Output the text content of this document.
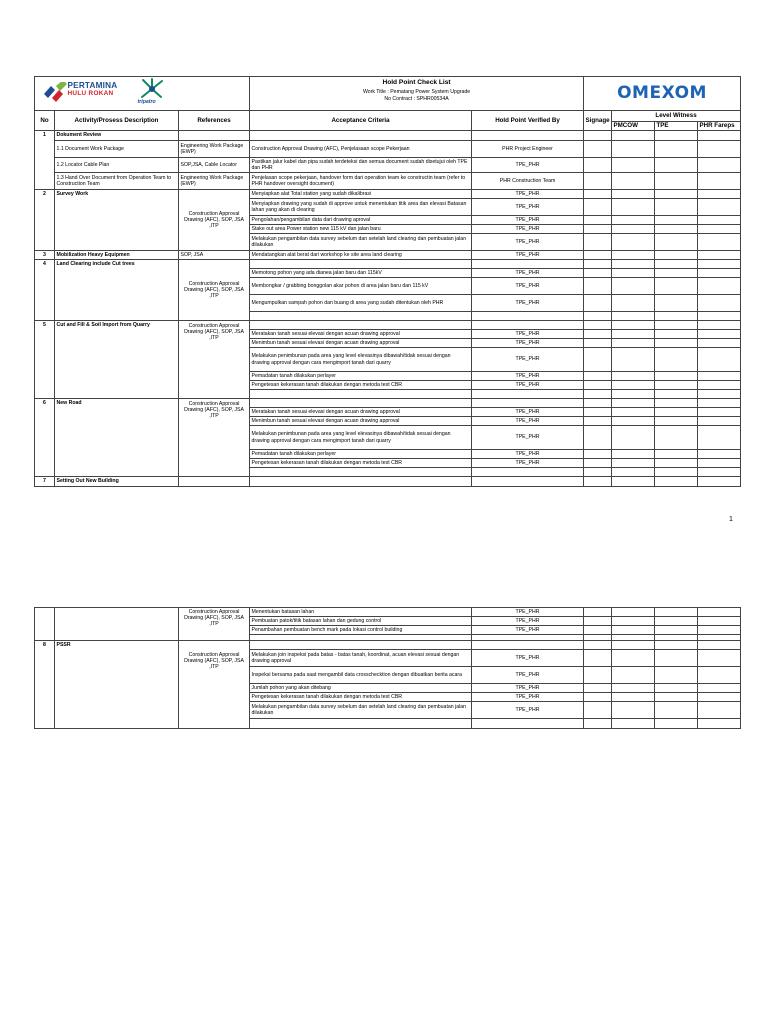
PERTAMINA
HULU ROKAN
tripatro			Hold Point Check List
Work Title : Pematang Power System Upgrade
No Contract : SPHR00534A		OMEXOM			

No	Activity/Prosess Description	References	Acceptance Criteria	Hold Point Verified By	Signage	Level Witness		
						PMCOW	TPE	PHR Fareps
1	Dokument Review							
	1.1 Document Work Package	Engineering Work Package (EWP)	Construction Approval Drawing (AFC), Penjelasaan scope Pekerjaan	PHR Project Engineer				
	1.2 Locator Cable Plan	SOP,JSA, Cable Locator	Pastikan jalur kabel dan pipa sudah terdeteksi dan semua document sudah disetujui oleh TPE dan PHR	TPE_PHR				
	1.3 Hand Over Document from Operation Team to Construction Team	Engineering Work Package (EWP)	Penjelasan scope pekerjaan, handover form dari operation team ke constructin team (refer to PHR handover oversight document)	PHR Construction Team				
2	Survey Work	Construction Approval Drawing (AFC), SOP, JSA ,ITP	Menyiapkan alat Total station yang sudah dikalibrasi	TPE_PHR				
			Menyiapkan drawing yang sudah di approve untuk menentukan titik area dan elevasi Batasan lahan yang akan di clearing	TPE_PHR				
			Pengolahan/pengambilan data dari drawing aproval	TPE_PHR				
			Stake out area Power station new 115 kV dan jalan baru	TPE_PHR				
			Melakukan pengambilan data survey sebelum dan setelah land clearing dan pembuatan jalan dilakukan	TPE_PHR				
3	Mobilization Heavy Equipmen	SOP, JSA	Mendatangkan alat berat dari workshop ke site area land clearing	TPE_PHR				
4	Land Clearing include Cut trees	Construction Approval Drawing (AFC), SOP, JSA ,ITP						
			Memotong pohon yang ada dianea jalan baru dan 115kV	TPE_PHR				
			Membongkar / grabbing bonggolan akar pohon di area jalan baru dan 115 kV	TPE_PHR				
			Mengumpulkan sampah pohon dan buang di area yang sudah ditentukan oleh PHR	TPE_PHR				

5	Cut and Fill & Soil Import from Quarry	Construction Approval Drawing (AFC), SOP, JSA ,ITP						
			Meratakan tanah sesuai elevasi dengan acuan drawing approval	TPE_PHR				
			Menimbun tanah sesuai elevasi dengan acuan drawing approval	TPE_PHR				
			Melakukan penimbunan pada area yang level elevasinya dibawah/tidak sesuai dengan drawing approval dengan cara mengimport tanah dari quarry	TPE_PHR				
			Pemadatan tanah dilakukan perlayer	TPE_PHR				
			Pengetesan kekerasan tanah dilakukan dengan metoda test CBR	TPE_PHR				

6	New Road	Construction Approval Drawing (AFC), SOP, JSA ,ITP						
			Meratakan tanah sesuai elevasi dengan acuan drawing approval	TPE_PHR				
			Menimbun tanah sesuai elevasi dengan acuan drawing approval	TPE_PHR				
			Melakukan penimbunan pada area yang level elevasinya dibawah/tidak sesuai dengan drawing approval dengan cara mengimport tanah dari quarry	TPE_PHR				
			Pemadatan tanah dilakukan perlayer	TPE_PHR				
			Pengetesan kekerasan tanah dilakukan dengan metoda test CBR	TPE_PHR				

7	Setting Out New Building							
1
		Construction Approval Drawing (AFC), SOP, JSA ,ITP	Menentukan batasan lahan	TPE_PHR				
			Pembuatan patok/titik batasan lahan dan gedung control	TPE_PHR				
			Penambahan pembuatan bench mark pada lokasi control building	TPE_PHR				

8	PSSR	Construction Approval Drawing (AFC), SOP, JSA ,ITP						
			Melakukan join inspeksi pada batas - batas tanah, koordinat, acuan elevasi sesuai dengan drawing approval	TPE_PHR				
			Inspeksi bersama pada saat mengambil data crosschecktion dengan dibuatkan berita acara	TPE_PHR				
			Jumlah pohon yang akan ditebang	TPE_PHR				
			Pengetesan kekerasan tanah dilakukan dengan metoda test CBR	TPE_PHR				
			Melakukan pengambilan data survey sebelum dan setelah land clearing dan pembuatan jalan dilakukan	TPE_PHR				
